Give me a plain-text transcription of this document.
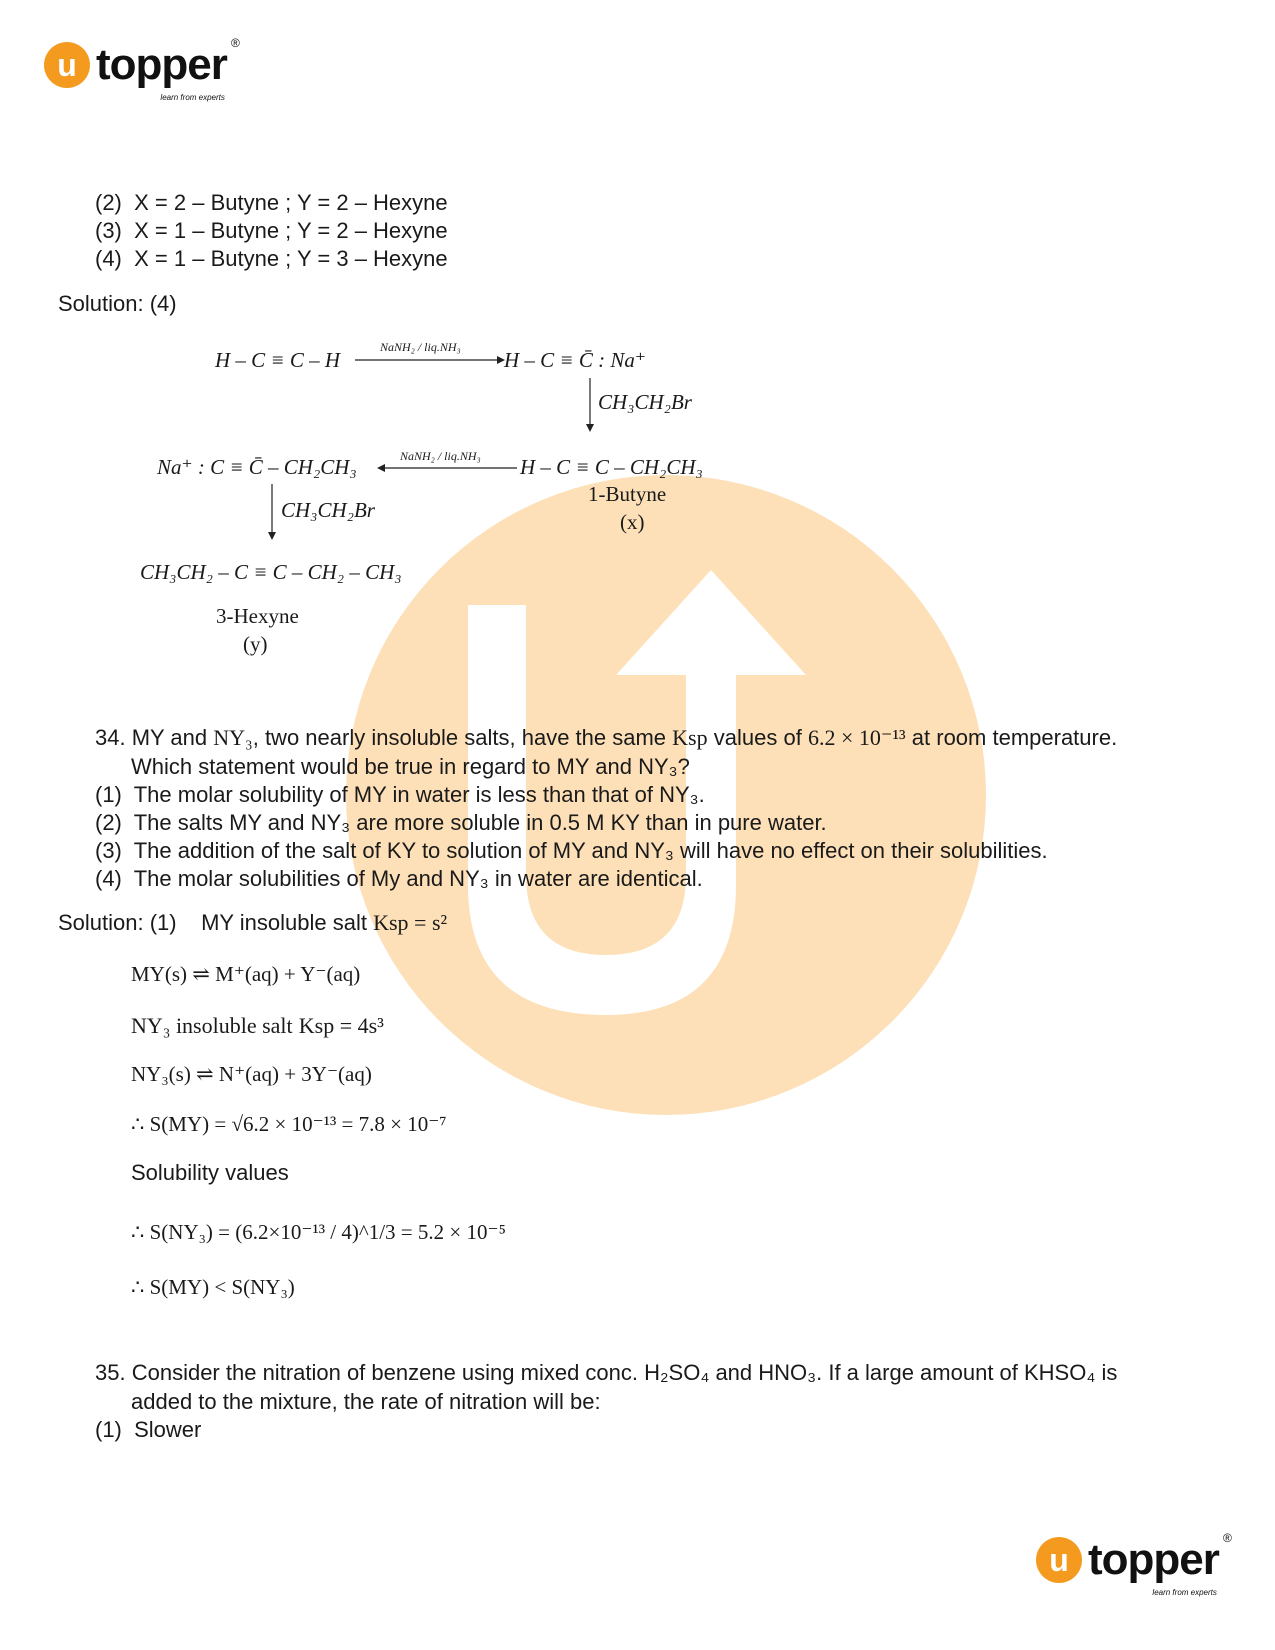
u topper ®
learn from experts
(2) X = 2 – Butyne ; Y = 2 – Hexyne
(3) X = 1 – Butyne ; Y = 2 – Hexyne
(4) X = 1 – Butyne ; Y = 3 – Hexyne
Solution: (4)
H – C ≡ C – H
NaNH₂ / liq.NH₃
H – C ≡ C̄ : Na⁺
CH₃CH₂Br
Na⁺ : C ≡ C̄ – CH₂CH₃	NaNH₂ / liq.NH₃ H – C ≡ C – CH₂CH₃
1-Butyne
(x)
CH₃CH₂Br
CH₃CH₂ – C ≡ C – CH₂ – CH₃
3-Hexyne
(y)
34. MY and NY₃, two nearly insoluble salts, have the same Ksp values of 6.2 × 10⁻¹³ at room temperature.
Which statement would be true in regard to MY and NY₃?
(1) The molar solubility of MY in water is less than that of NY₃.
(2) The salts MY and NY₃ are more soluble in 0.5 M KY than in pure water.
(3) The addition of the salt of KY to solution of MY and NY₃ will have no effect on their solubilities.
(4) The molar solubilities of My and NY₃ in water are identical.
Solution: (1) MY insoluble salt Ksp = s²
MY(s) ⇌ M⁺(aq) + Y⁻(aq)
NY₃ insoluble salt Ksp = 4s³
NY₃(s) ⇌ N⁺(aq) + 3Y⁻(aq)
∴ S(MY) = √6.2 × 10⁻¹³ = 7.8 × 10⁻⁷
Solubility values
∴ S(NY₃) = (6.2×10⁻¹³ / 4)^1/3 = 5.2 × 10⁻⁵
∴ S(MY) < S(NY₃)
35. Consider the nitration of benzene using mixed conc. H₂SO₄ and HNO₃. If a large amount of KHSO₄ is
added to the mixture, the rate of nitration will be:
(1) Slower
u topper ®
learn from experts
